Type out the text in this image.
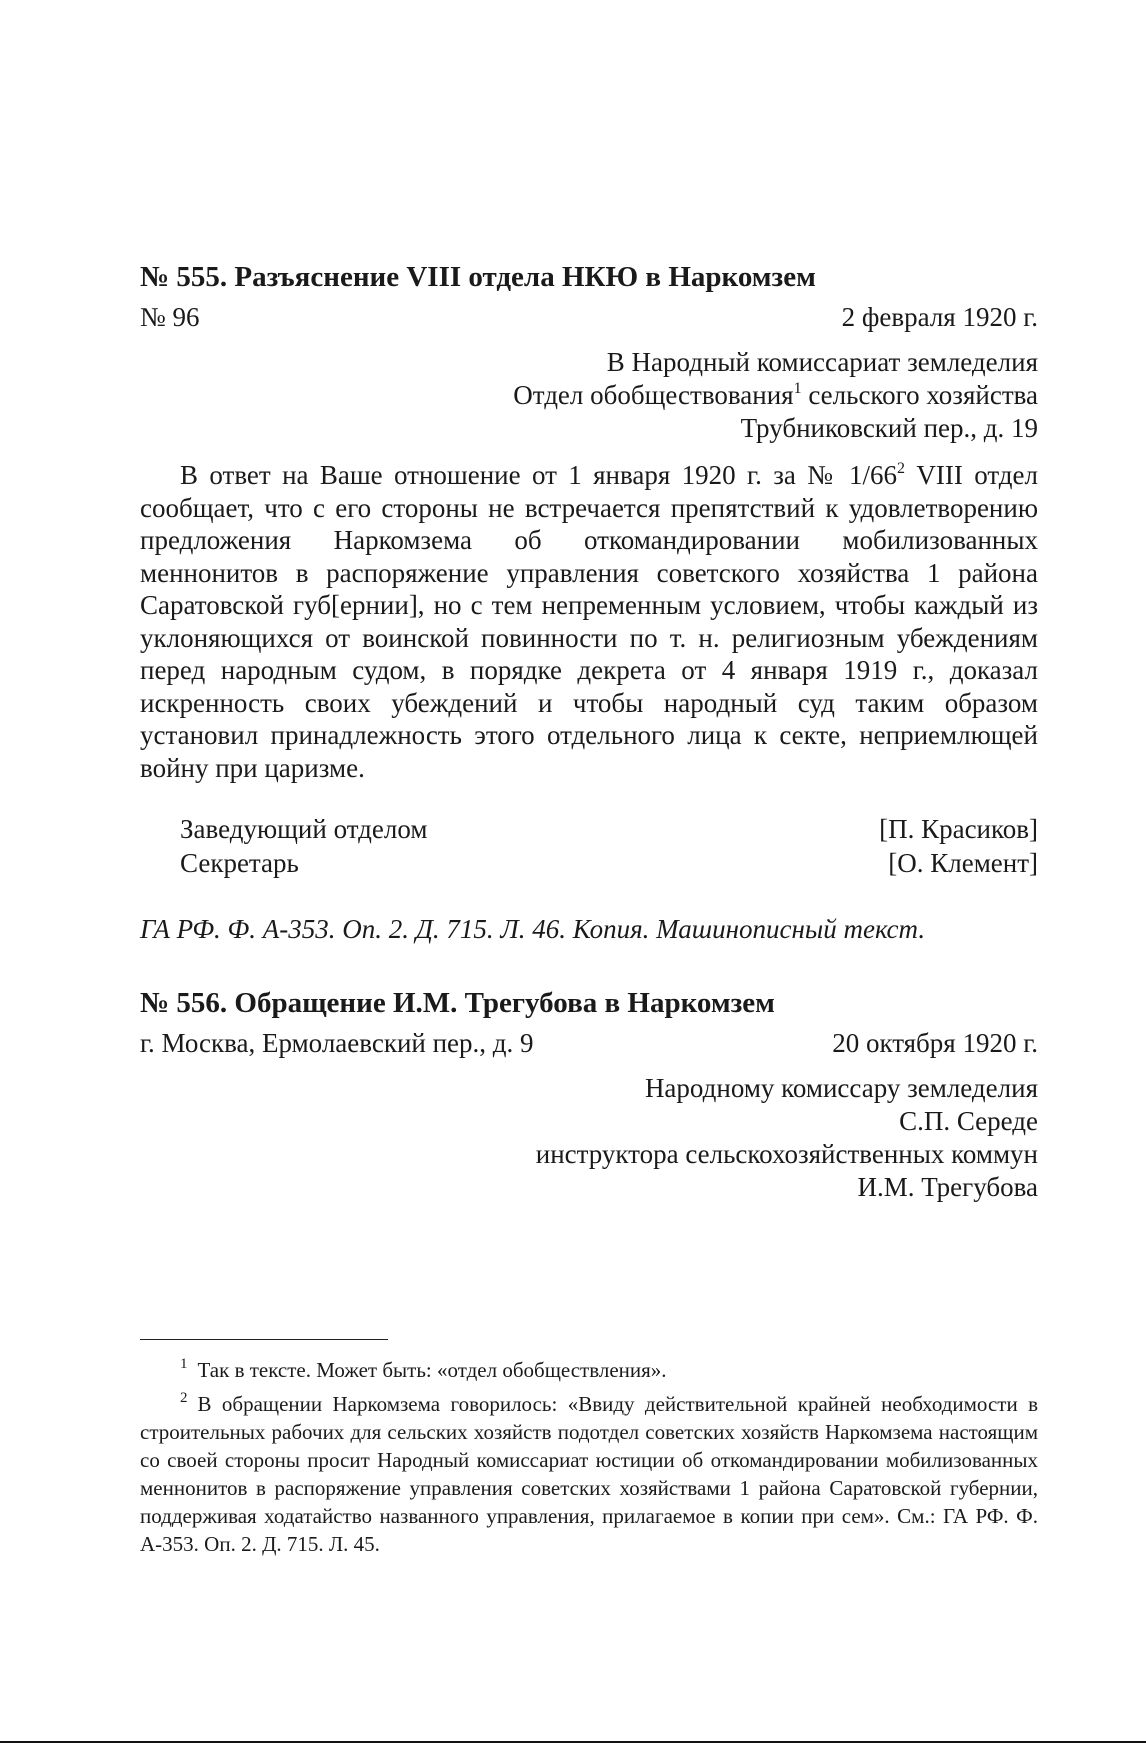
№ 555. Разъяснение VIII отдела НКЮ в Наркомзем
№ 96	2 февраля 1920 г.
В Народный комиссариат земледелия
Отдел обобществования$^1$ сельского хозяйства
Трубниковский пер., д. 19

В ответ на Ваше отношение от 1 января 1920 г. за № $1/66^2$ VIII отдел сообщает, что с его стороны не встречается препятствий к удовлетворению предложения Наркомзема об откомандировании мобилизованных меннонитов в распоряжение управления советского хозяйства 1 района Саратовской губ[ернии], но с тем непременным условием, чтобы каждый из уклоняющихся от воинской повинности по т. н. религиозным убеждениям перед народным судом, в порядке декрета от 4 января 1919 г., доказал искренность своих убеждений и чтобы народный суд таким образом установил принадлежность этого отдельного лица к секте, неприемлющей войну при царизме.

Заведующий отделом	[П. Красиков]
Секретарь	[О. Клемент]
ГА РФ. Ф. А-353. Оп. 2. Д. 715. Л. 46. Копия. Машинописный текст.
№ 556. Обращение И.М. Трегубова в Наркомзем
г. Москва, Ермолаевский пер., д. 9	20 октября 1920 г.
Народному комиссару земледелия
С.П. Середе
инструктора сельскохозяйственных коммун
И.М. Трегубова

$^1$ Так в тексте. Может быть: «отдел обобществления».

$^2$ В обращении Наркомзема говорилось: «Ввиду действительной крайней необходимости в строительных рабочих для сельских хозяйств подотдел советских хозяйств Наркомзема настоящим со своей стороны просит Народный комиссариат юстиции об откомандировании мобилизованных меннонитов в распоряжение управления советских хозяйствами 1 района Саратовской губернии, поддерживая ходатайство названного управления, прилагаемое в копии при сем». См.: ГА РФ. Ф. А-353. Оп. 2. Д. 715. Л. 45.
